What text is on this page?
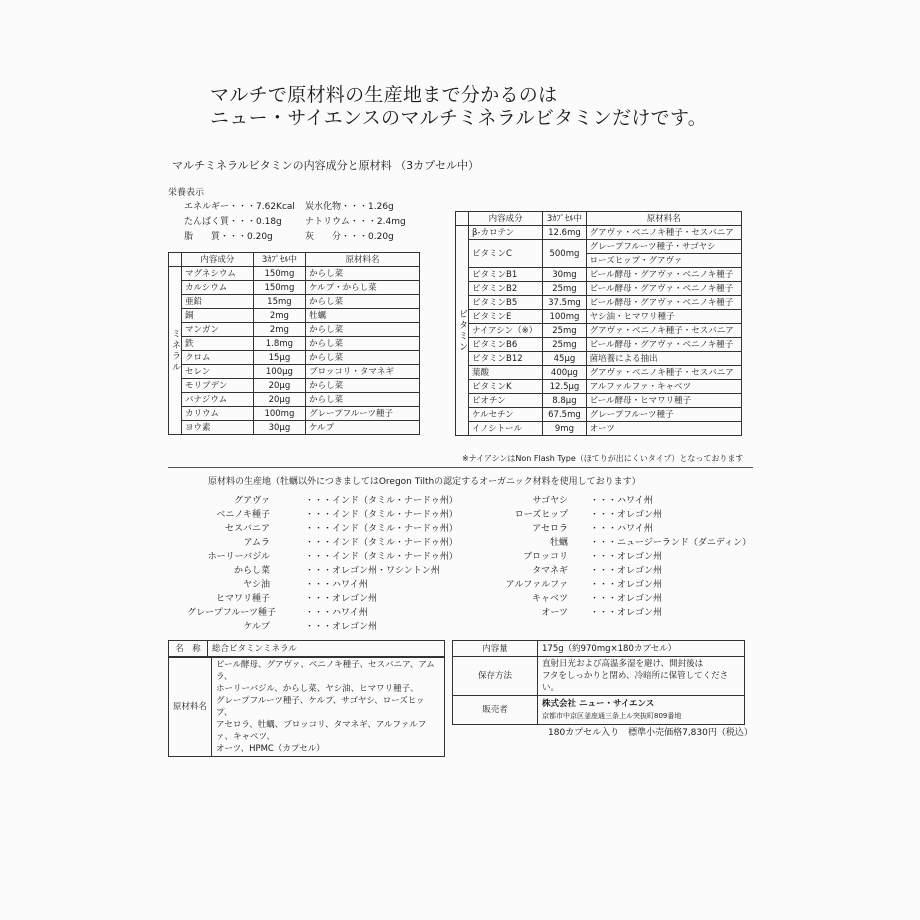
マルチで原材料の生産地まで分かるのは
ニュー・サイエンスのマルチミネラルビタミンだけです。
マルチミネラルビタミンの内容成分と原材料 （3カプセル中）
栄養表示
エネルギー・・・7.62Kcal 炭水化物・・・1.26g
たんぱく質・・・0.18g	ナトリウム・・・2.4mg
脂　　質・・・0.20g	灰　　分・・・0.20g
	内容成分	3ｶﾌﾟｾﾙ中	原材料名
ミネラル	マグネシウム	150mg	からし菜
	カルシウム	150mg	ケルプ・からし菜
	亜鉛	15mg	からし菜
	銅	2mg	牡蠣
	マンガン	2mg	からし菜
	鉄	1.8mg	からし菜
	クロム	15μg	からし菜
	セレン	100μg	ブロッコリ・タマネギ
	モリブデン	20μg	からし菜
	バナジウム	20μg	からし菜
	カリウム	100mg	グレープフルーツ種子
	ヨウ素	30μg	ケルプ
	内容成分	3ｶﾌﾟｾﾙ中	原材料名
ビタミン	β-カロテン	12.6mg	グアヴァ・ベニノキ種子・セスバニア
	ビタミンC	500mg	グレープフルーツ種子・サゴヤシ
			ローズヒップ・グアヴァ
	ビタミンB1	30mg	ビール酵母・グアヴァ・ベニノキ種子
	ビタミンB2	25mg	ビール酵母・グアヴァ・ベニノキ種子
	ビタミンB5	37.5mg	ビール酵母・グアヴァ・ベニノキ種子
	ビタミンE	100mg	ヤシ油・ヒマワリ種子
	ナイアシン（※）	25mg	グアヴァ・ベニノキ種子・セスバニア
	ビタミンB6	25mg	ビール酵母・グアヴァ・ベニノキ種子
	ビタミンB12	45μg	菌培養による抽出
	葉酸	400μg	グアヴァ・ベニノキ種子・セスバニア
	ビタミンK	12.5μg	アルファルファ・キャベツ
	ビオチン	8.8μg	ビール酵母・ヒマワリ種子
	ケルセチン	67.5mg	グレープフルーツ種子
	イノシトール	9mg	オーツ
※ナイアシンはNon Flash Type（ほてりが出にくいタイプ）となっております
原材料の生産地（牡蠣以外につきましてはOregon Tilthの認定するオーガニック材料を使用しております）
グアヴァ	・・・インド（タミル・ナードゥ州）
ベニノキ種子	・・・インド（タミル・ナードゥ州）
セスバニア	・・・インド（タミル・ナードゥ州）
アムラ	・・・インド（タミル・ナードゥ州）
ホーリーバジル	・・・インド（タミル・ナードゥ州）
からし菜	・・・オレゴン州・ワシントン州
ヤシ油	・・・ハワイ州
ヒマワリ種子	・・・オレゴン州
グレープフルーツ種子	・・・ハワイ州
ケルプ	・・・オレゴン州
サゴヤシ ・・・ハワイ州
ローズヒップ ・・・オレゴン州
アセロラ ・・・ハワイ州
牡蠣 ・・・ニュージーランド（ダニディン）
ブロッコリ ・・・オレゴン州
タマネギ ・・・オレゴン州
アルファルファ ・・・オレゴン州
キャベツ ・・・オレゴン州
オーツ ・・・オレゴン州
名　称	総合ビタミンミネラル
原材料名	
ビール酵母、グアヴァ、ベニノキ種子、セスバニア、アムラ、
ホーリーバジル、からし菜、ヤシ油、ヒマワリ種子、
グレープフルーツ種子、ケルプ、サゴヤシ、ローズヒップ、
アセロラ、牡蠣、ブロッコリ、タマネギ、アルファルファ、キャベツ、
オーツ、HPMC（カプセル）
内容量	175g（約970mg×180カプセル）
保存方法	直射日光および高温多湿を避け、開封後は
フタをしっかりと閉め、冷暗所に保管してください。

販売者	株式会社 ニュー・サイエンス
京都市中京区釜座通三条上ル突抜町809番地
180カプセル入り　標準小売価格7,830円（税込）
